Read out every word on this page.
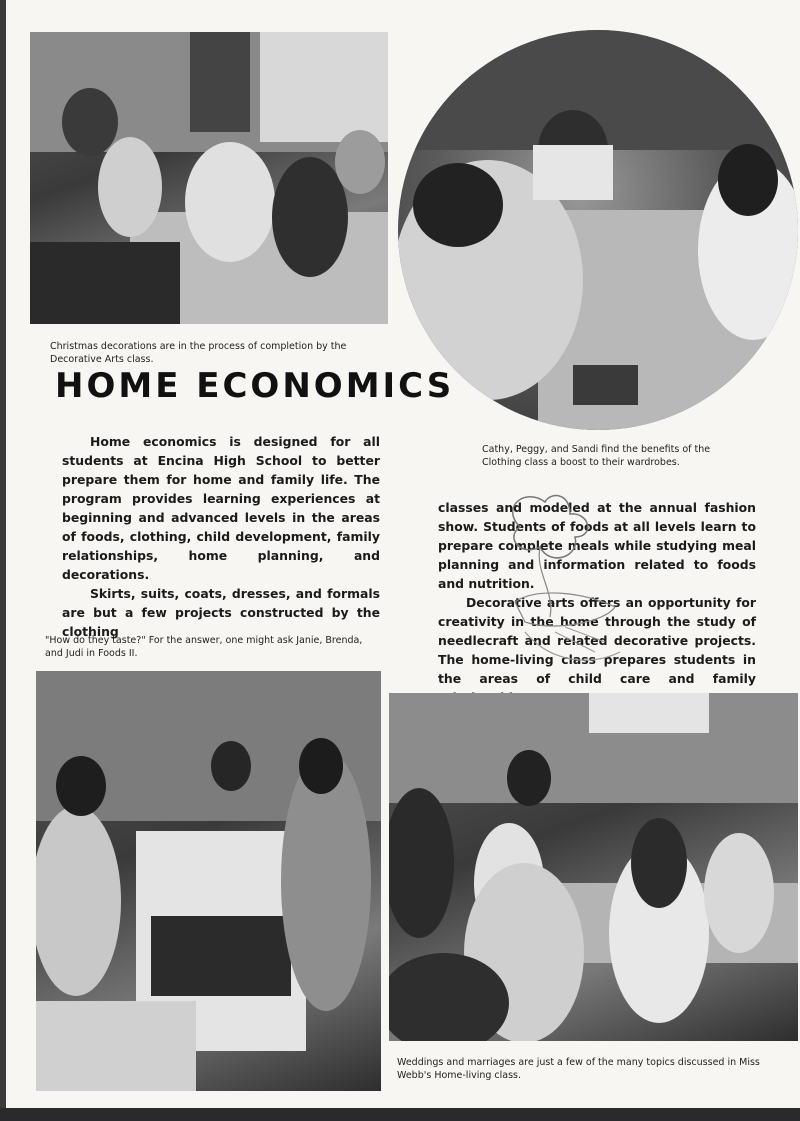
Christmas decorations are in the process of completion by the Decorative Arts class.
Cathy, Peggy, and Sandi find the benefits of the Clothing class a boost to their wardrobes.
HOME ECONOMICS

Home economics is designed for all students at Encina High School to better prepare them for home and family life. The program provides learning experiences at beginning and advanced levels in the areas of foods, clothing, child development, family relationships, home planning, and decorations.

Skirts, suits, coats, dresses, and formals are but a few projects constructed by the clothing

classes and modeled at the annual fashion show. Students of foods at all levels learn to prepare complete meals while studying meal planning and information related to foods and nutrition.

Decorative arts offers an opportunity for creativity in the home through the study of needlecraft and related decorative projects. The home-living class prepares students in the areas of child care and family

"How do they taste?" For the answer, one might ask Janie, Brenda, and Judi in Foods II.
Weddings and marriages are just a few of the many topics discussed in Miss Webb's Home-living class.
